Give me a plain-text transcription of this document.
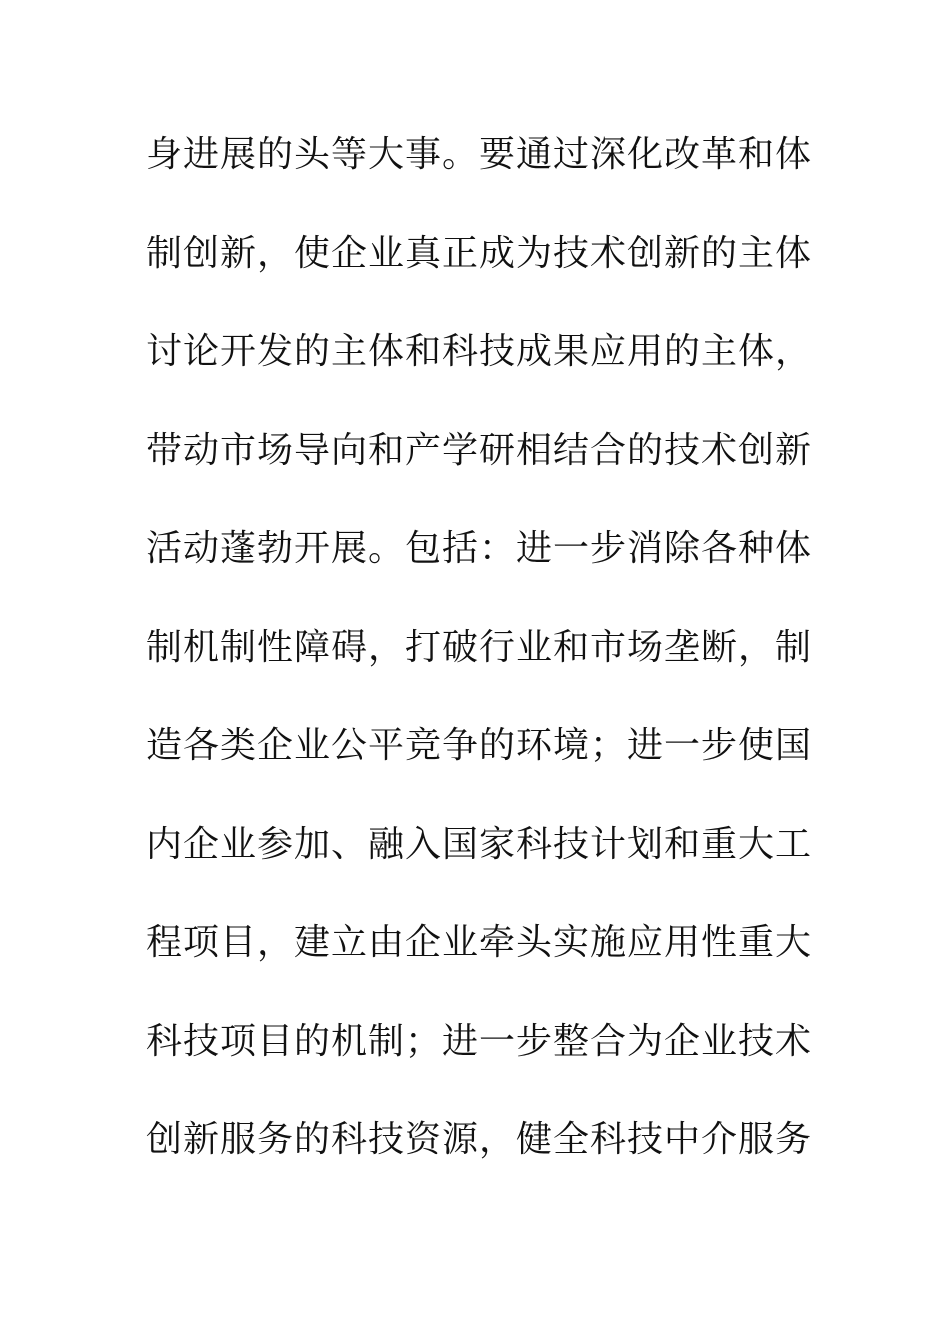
身进展的头等大事。要通过深化改革和体
制创新，使企业真正成为技术创新的主体
讨论开发的主体和科技成果应用的主体，
带动市场导向和产学研相结合的技术创新
活动蓬勃开展。包括：进一步消除各种体
制机制性障碍，打破行业和市场垄断，制
造各类企业公平竞争的环境；进一步使国
内企业参加、融入国家科技计划和重大工
程项目，建立由企业牵头实施应用性重大
科技项目的机制；进一步整合为企业技术
创新服务的科技资源，健全科技中介服务
